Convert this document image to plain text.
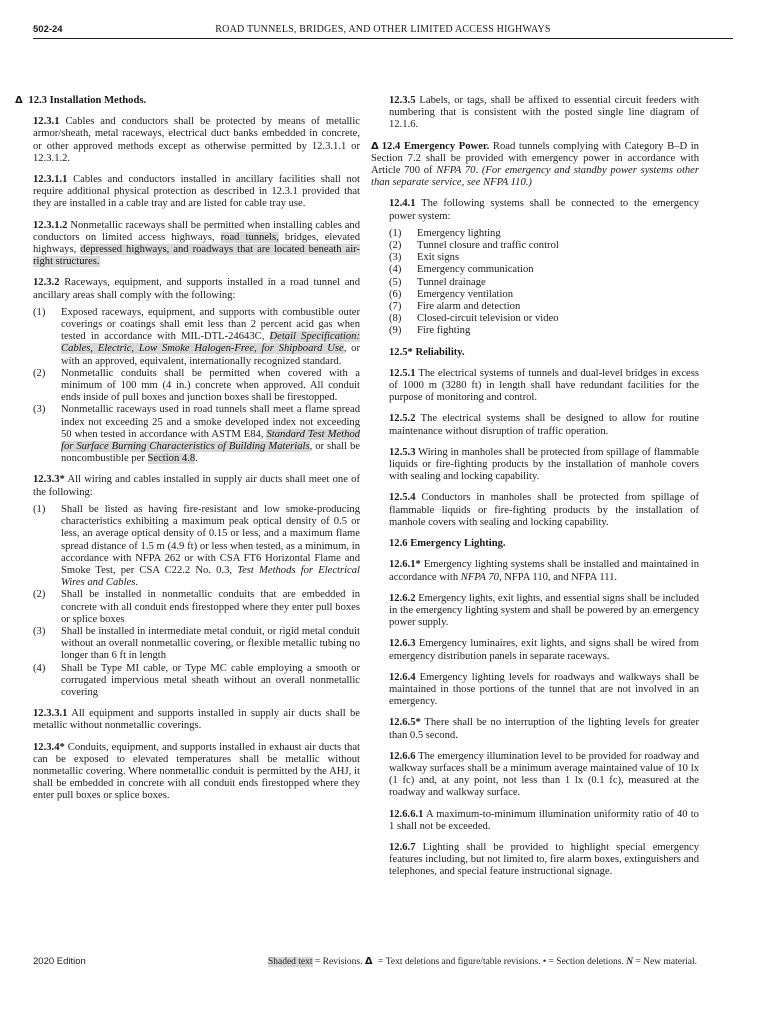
502-24	ROAD TUNNELS, BRIDGES, AND OTHER LIMITED ACCESS HIGHWAYS

Δ 12.3 Installation Methods.

12.3.1 Cables and conductors shall be protected by means of metallic armor/sheath, metal raceways, electrical duct banks embedded in concrete, or other approved methods except as otherwise permitted by 12.3.1.1 or 12.3.1.2.

12.3.1.1 Cables and conductors installed in ancillary facilities shall not require additional physical protection as described in 12.3.1 provided that they are installed in a cable tray and are listed for cable tray use.

12.3.1.2 Nonmetallic raceways shall be permitted when installing cables and conductors on limited access highways, road tunnels, bridges, elevated highways, depressed highways, and roadways that are located beneath air-right structures.

12.3.2 Raceways, equipment, and supports installed in a road tunnel and ancillary areas shall comply with the following:

(1) Exposed raceways, equipment, and supports with combustible outer coverings or coatings shall emit less than 2 percent acid gas when tested in accordance with MIL-DTL-24643C, Detail Specification: Cables, Electric, Low Smoke Halogen-Free, for Shipboard Use, or with an approved, equivalent, internationally recognized standard.
(2) Nonmetallic conduits shall be permitted when covered with a minimum of 100 mm (4 in.) concrete when approved. All conduit ends inside of pull boxes and junction boxes shall be firestopped.
(3) Nonmetallic raceways used in road tunnels shall meet a flame spread index not exceeding 25 and a smoke developed index not exceeding 50 when tested in accordance with ASTM E84, Standard Test Method for Surface Burning Characteristics of Building Materials, or shall be noncombustible per Section 4.8.

12.3.3* All wiring and cables installed in supply air ducts shall meet one of the following:

(1) Shall be listed as having fire-resistant and low smoke-producing characteristics exhibiting a maximum peak optical density of 0.5 or less, an average optical density of 0.15 or less, and a maximum flame spread distance of 1.5 m (4.9 ft) or less when tested, as a minimum, in accordance with NFPA 262 or with CSA FT6 Horizontal Flame and Smoke Test, per CSA C22.2 No. 0.3, Test Methods for Electrical Wires and Cables.
(2) Shall be installed in nonmetallic conduits that are embedded in concrete with all conduit ends firestopped where they enter pull boxes or splice boxes
(3) Shall be installed in intermediate metal conduit, or rigid metal conduit without an overall nonmetallic covering, or flexible metallic tubing no longer than 6 ft in length
(4) Shall be Type MI cable, or Type MC cable employing a smooth or corrugated impervious metal sheath without an overall nonmetallic covering

12.3.3.1 All equipment and supports installed in supply air ducts shall be metallic without nonmetallic coverings.

12.3.4* Conduits, equipment, and supports installed in exhaust air ducts that can be exposed to elevated temperatures shall be metallic without nonmetallic covering. Where nonmetallic conduit is permitted by the AHJ, it shall be embedded in concrete with all conduit ends firestopped where they enter pull boxes or splice boxes.

12.3.5 Labels, or tags, shall be affixed to essential circuit feeders with numbering that is consistent with the posted single line diagram of 12.1.6.

Δ 12.4 Emergency Power. Road tunnels complying with Category B–D in Section 7.2 shall be provided with emergency power in accordance with Article 700 of NFPA 70. (For emergency and standby power systems other than separate service, see NFPA 110.)

12.4.1 The following systems shall be connected to the emergency power system:

(1) Emergency lighting
(2) Tunnel closure and traffic control
(3) Exit signs
(4) Emergency communication
(5) Tunnel drainage
(6) Emergency ventilation
(7) Fire alarm and detection
(8) Closed-circuit television or video
(9) Fire fighting

12.5* Reliability.

12.5.1 The electrical systems of tunnels and dual-level bridges in excess of 1000 m (3280 ft) in length shall have redundant facilities for the purpose of monitoring and control.

12.5.2 The electrical systems shall be designed to allow for routine maintenance without disruption of traffic operation.

12.5.3 Wiring in manholes shall be protected from spillage of flammable liquids or fire-fighting products by the installation of manhole covers with sealing and locking capability.

12.5.4 Conductors in manholes shall be protected from spillage of flammable liquids or fire-fighting products by the installation of manhole covers with sealing and locking capability.

12.6 Emergency Lighting.

12.6.1* Emergency lighting systems shall be installed and maintained in accordance with NFPA 70, NFPA 110, and NFPA 111.

12.6.2 Emergency lights, exit lights, and essential signs shall be included in the emergency lighting system and shall be powered by an emergency power supply.

12.6.3 Emergency luminaires, exit lights, and signs shall be wired from emergency distribution panels in separate raceways.

12.6.4 Emergency lighting levels for roadways and walkways shall be maintained in those portions of the tunnel that are not involved in an emergency.

12.6.5* There shall be no interruption of the lighting levels for greater than 0.5 second.

12.6.6 The emergency illumination level to be provided for roadway and walkway surfaces shall be a minimum average maintained value of 10 lx (1 fc) and, at any point, not less than 1 lx (0.1 fc), measured at the roadway and walkway surface.

12.6.6.1 A maximum-to-minimum illumination uniformity ratio of 40 to 1 shall not be exceeded.

12.6.7 Lighting shall be provided to highlight special emergency features including, but not limited to, fire alarm boxes, extinguishers and telephones, and special feature instructional signage.

2020 Edition	Shaded text = Revisions. Δ = Text deletions and figure/table revisions. • = Section deletions. N = New material.
